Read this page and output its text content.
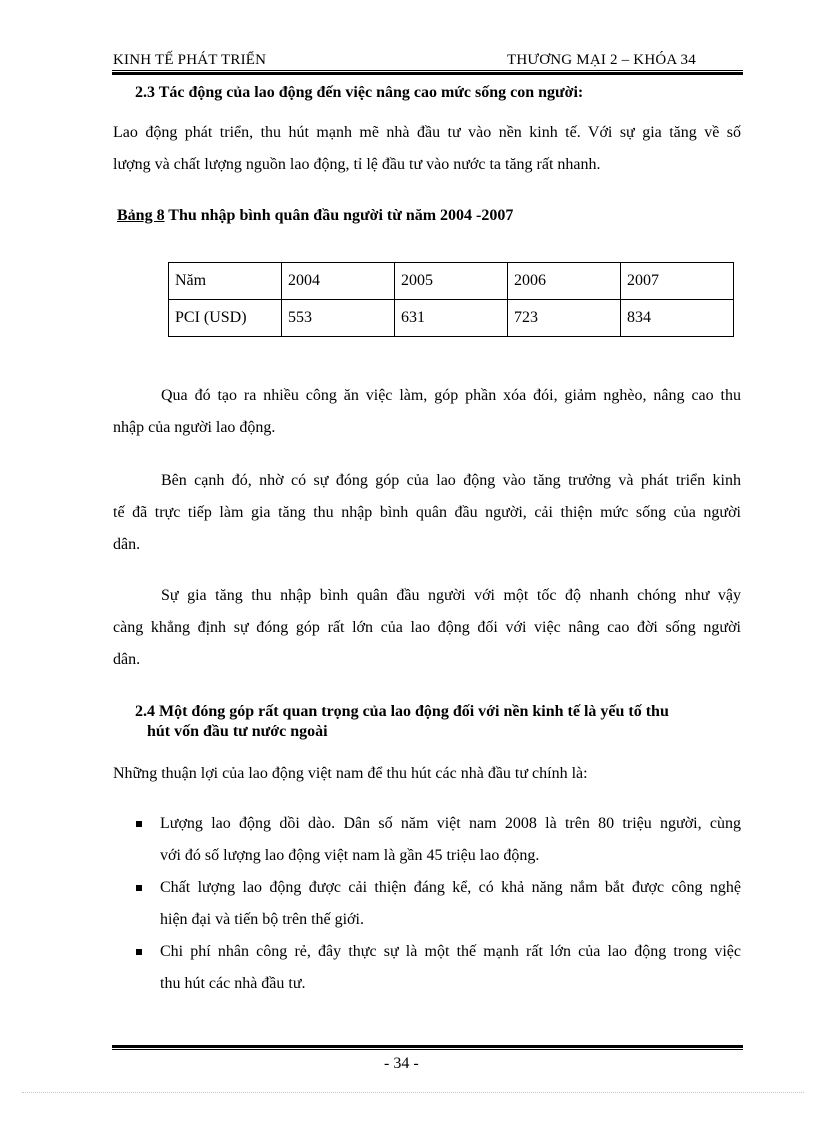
KINH TẾ PHÁT TRIỂN	THƯƠNG MẠI 2 – KHÓA 34
2.3 Tác động của lao động đến việc nâng cao mức sống con người:
Lao động phát triển, thu hút mạnh mẽ nhà đầu tư vào nền kinh tế. Với sự gia tăng về số
lượng và chất lượng nguồn lao động, tỉ lệ đầu tư vào nước ta tăng rất nhanh.
Bảng 8 Thu nhập bình quân đầu người từ năm 2004 -2007
Năm	2004	2005	2006	2007
PCI (USD)	553	631	723	834
Qua đó tạo ra nhiều công ăn việc làm, góp phần xóa đói, giảm nghèo, nâng cao thu
nhập của người lao động.
Bên cạnh đó, nhờ có sự đóng góp của lao động vào tăng trưởng và phát triển kinh
tế đã trực tiếp làm gia tăng thu nhập bình quân đầu người, cải thiện mức sống của người
dân.
Sự gia tăng thu nhập bình quân đầu người với một tốc độ nhanh chóng như vậy
càng khẳng định sự đóng góp rất lớn của lao động đối với việc nâng cao đời sống người
dân.
2.4 Một đóng góp rất quan trọng của lao động đối với nền kinh tế là yếu tố thu
hút vốn đầu tư nước ngoài
Những thuận lợi của lao động việt nam để thu hút các nhà đầu tư chính là:
Lượng lao động dồi dào. Dân số năm việt nam 2008 là trên 80 triệu người, cùng
với đó số lượng lao động việt nam là gần 45 triệu lao động.
Chất lượng lao động được cải thiện đáng kể, có khả năng nắm bắt được công nghệ
hiện đại và tiến bộ trên thế giới.
Chi phí nhân công rẻ, đây thực sự là một thế mạnh rất lớn của lao động trong việc
thu hút các nhà đầu tư.
- 34 -
